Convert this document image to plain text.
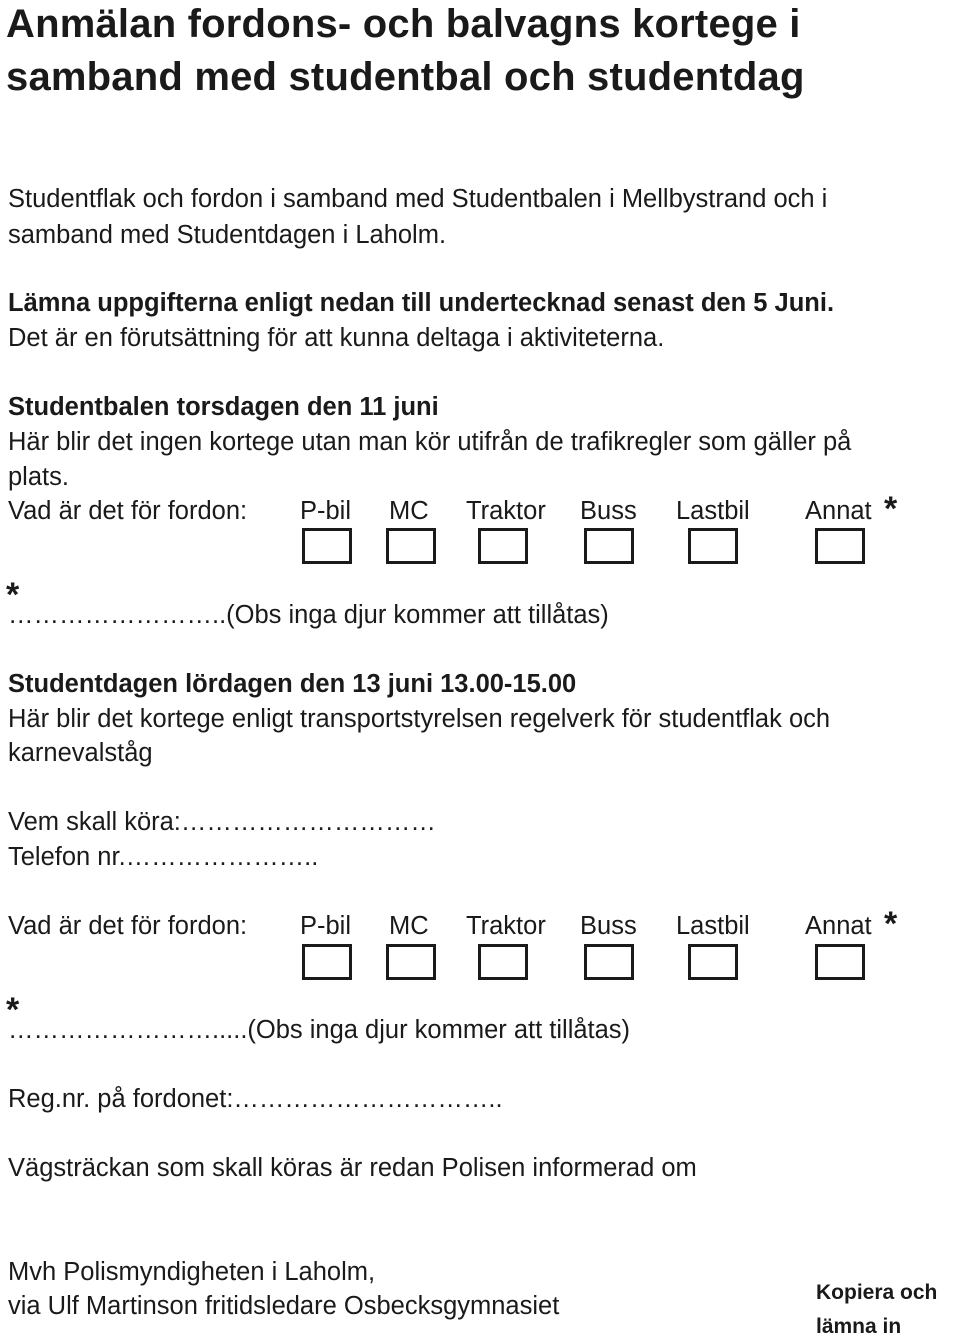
Anmälan fordons- och balvagns kortege i
samband med studentbal och studentdag
Studentflak och fordon i samband med Studentbalen i Mellbystrand och i
samband med Studentdagen i Laholm.
Lämna uppgifterna enligt nedan till undertecknad senast den 5 Juni.
Det är en förutsättning för att kunna deltaga i aktiviteterna.
Studentbalen torsdagen den 11 juni
Här blir det ingen kortege utan man kör utifrån de trafikregler som gäller på
plats.
Vad är det för fordon: P-bil MC Traktor Buss Lastbil Annat *
*
……………………..(Obs inga djur kommer att tillåtas)
Studentdagen lördagen den 13 juni 13.00-15.00
Här blir det kortege enligt transportstyrelsen regelverk för studentflak och
karnevalståg
Vem skall köra:…………………………
Telefon nr.…………………..
Vad är det för fordon: P-bil MC Traktor Buss Lastbil Annat *
*
…………………….....(Obs inga djur kommer att tillåtas)
Reg.nr. på fordonet:…………………………..
Vägsträckan som skall köras är redan Polisen informerad om
Mvh Polismyndigheten i Laholm,
via Ulf Martinson fritidsledare Osbecksgymnasiet	Kopiera och
lämna in
